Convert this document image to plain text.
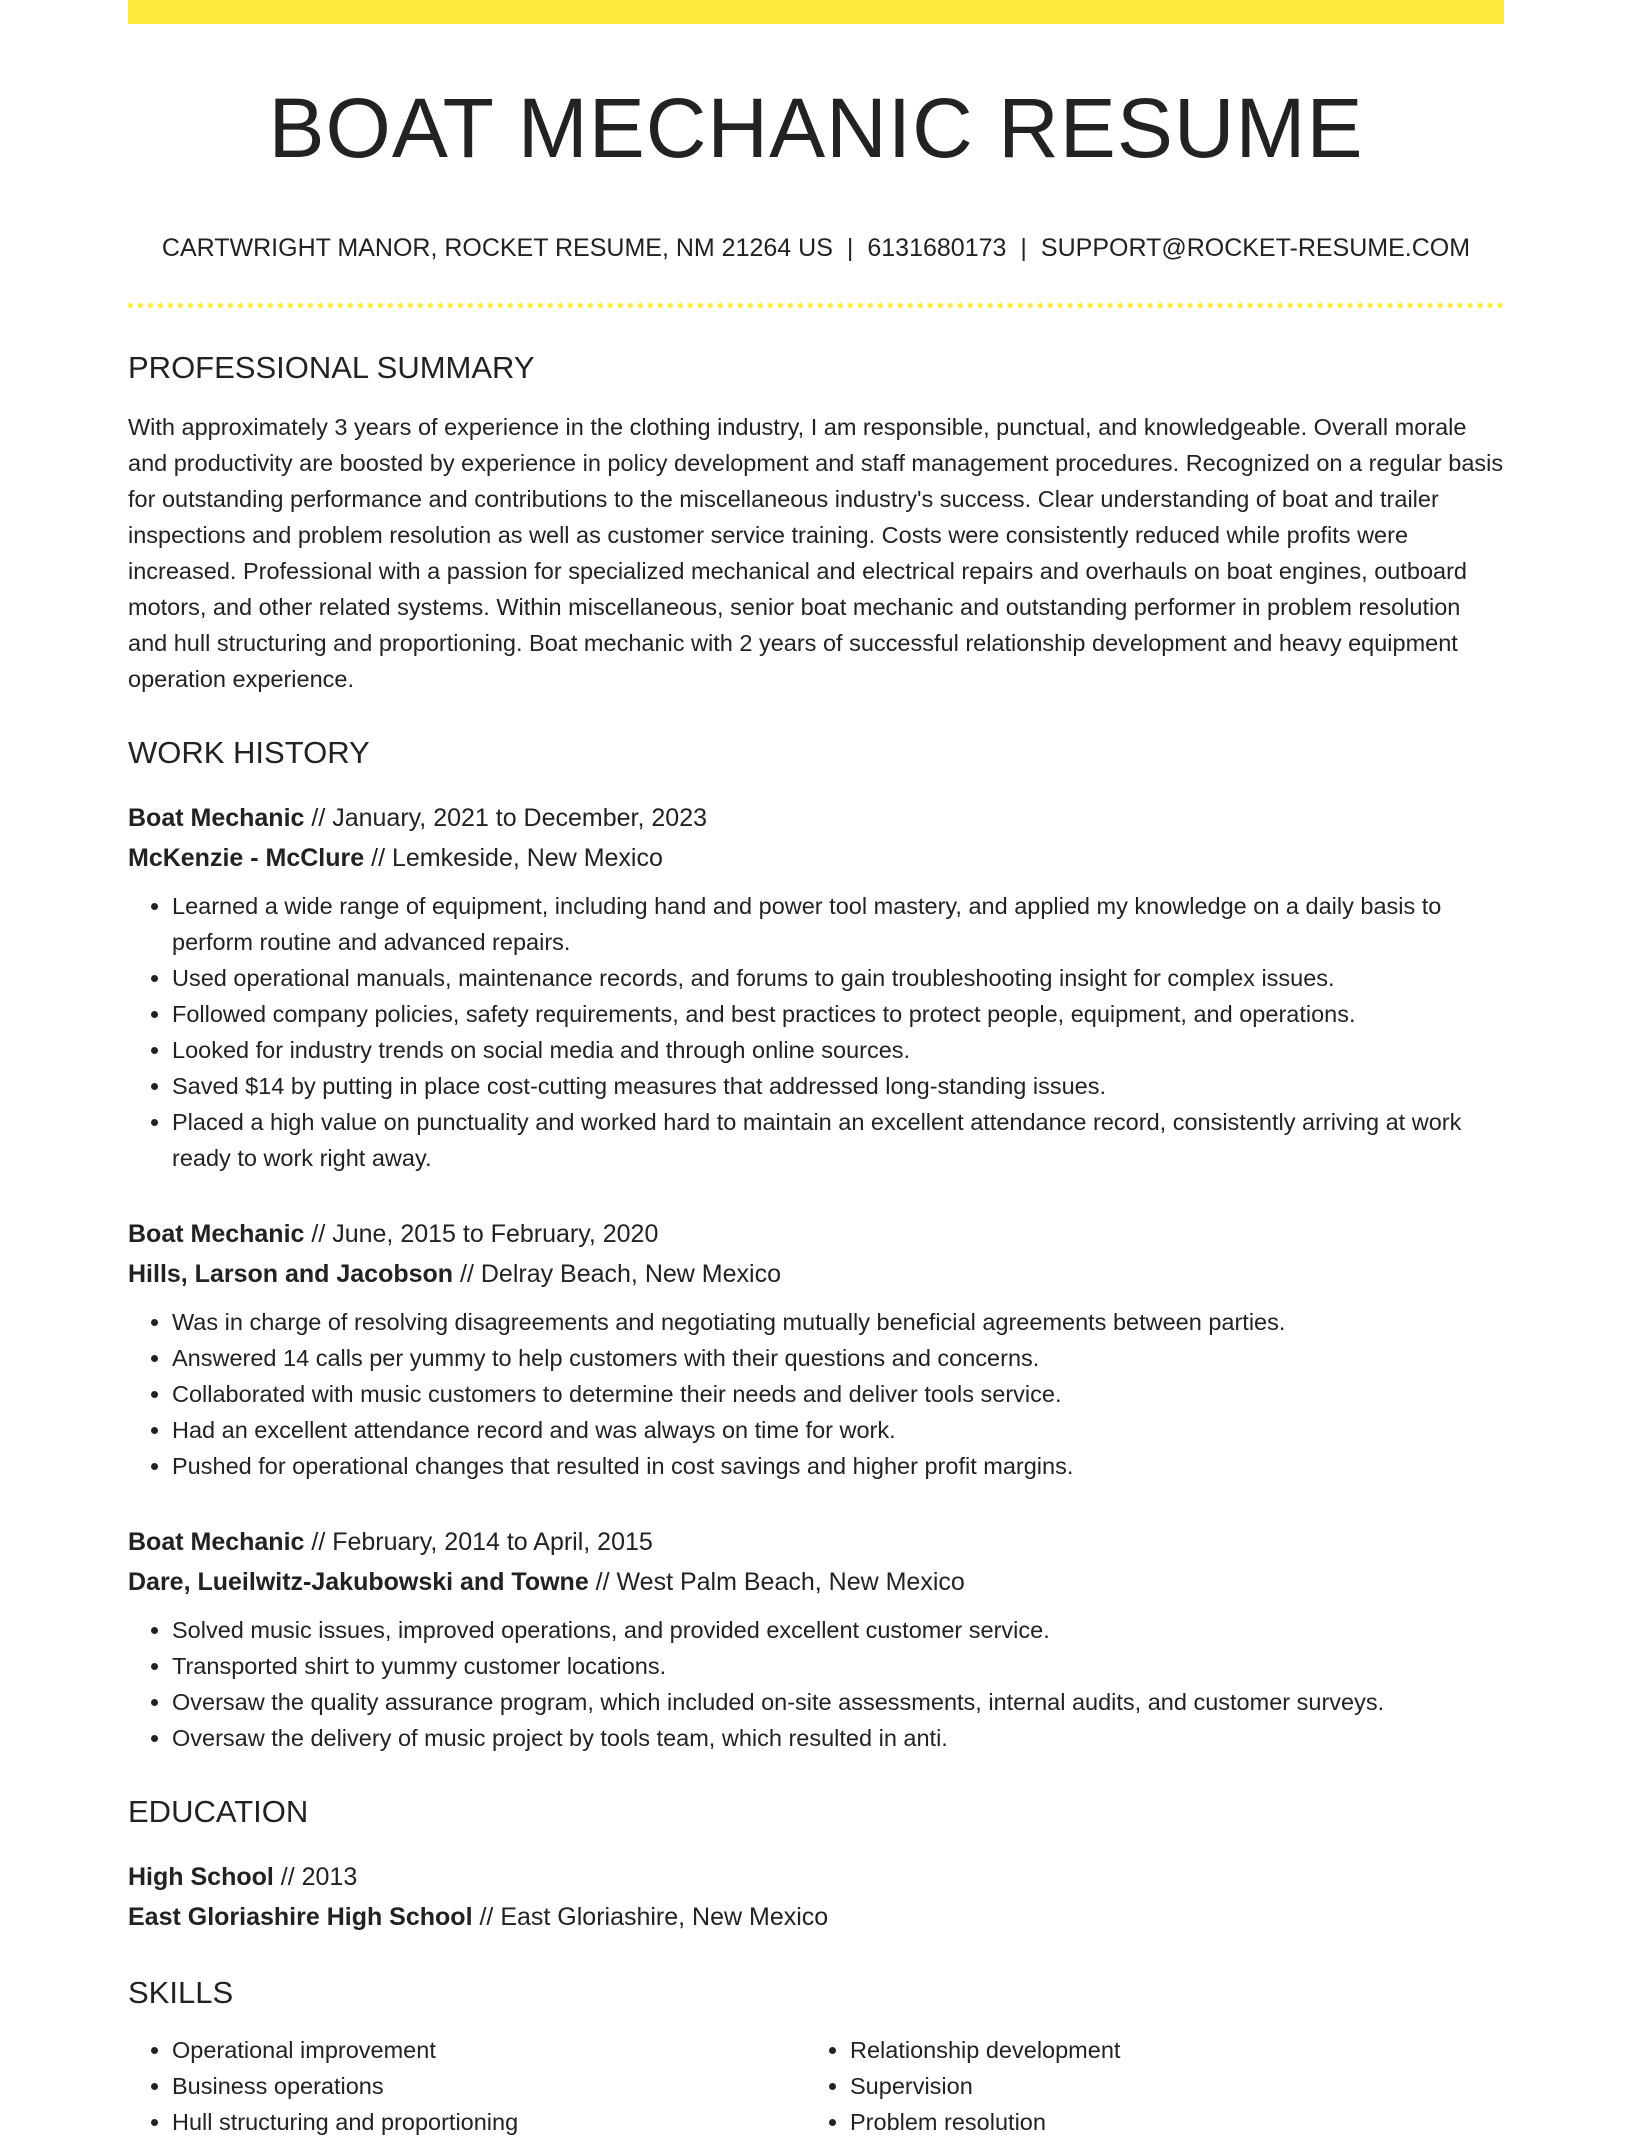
BOAT MECHANIC RESUME
CARTWRIGHT MANOR, ROCKET RESUME, NM 21264 US | 6131680173 | SUPPORT@ROCKET-RESUME.COM
PROFESSIONAL SUMMARY

With approximately 3 years of experience in the clothing industry, I am responsible, punctual, and knowledgeable. Overall morale and productivity are boosted by experience in policy development and staff management procedures. Recognized on a regular basis for outstanding performance and contributions to the miscellaneous industry's success. Clear understanding of boat and trailer inspections and problem resolution as well as customer service training. Costs were consistently reduced while profits were increased. Professional with a passion for specialized mechanical and electrical repairs and overhauls on boat engines, outboard motors, and other related systems. Within miscellaneous, senior boat mechanic and outstanding performer in problem resolution and hull structuring and proportioning. Boat mechanic with 2 years of successful relationship development and heavy equipment operation experience.

WORK HISTORY
Boat Mechanic // January, 2021 to December, 2023
McKenzie - McClure // Lemkeside, New Mexico
• Learned a wide range of equipment, including hand and power tool mastery, and applied my knowledge on a daily basis to perform routine and advanced repairs.
• Used operational manuals, maintenance records, and forums to gain troubleshooting insight for complex issues.
• Followed company policies, safety requirements, and best practices to protect people, equipment, and operations.
• Looked for industry trends on social media and through online sources.
• Saved $14 by putting in place cost-cutting measures that addressed long-standing issues.
• Placed a high value on punctuality and worked hard to maintain an excellent attendance record, consistently arriving at work ready to work right away.
Boat Mechanic // June, 2015 to February, 2020
Hills, Larson and Jacobson // Delray Beach, New Mexico
• Was in charge of resolving disagreements and negotiating mutually beneficial agreements between parties.
• Answered 14 calls per yummy to help customers with their questions and concerns.
• Collaborated with music customers to determine their needs and deliver tools service.
• Had an excellent attendance record and was always on time for work.
• Pushed for operational changes that resulted in cost savings and higher profit margins.
Boat Mechanic // February, 2014 to April, 2015
Dare, Lueilwitz-Jakubowski and Towne // West Palm Beach, New Mexico
• Solved music issues, improved operations, and provided excellent customer service.
• Transported shirt to yummy customer locations.
• Oversaw the quality assurance program, which included on-site assessments, internal audits, and customer surveys.
• Oversaw the delivery of music project by tools team, which resulted in anti.
EDUCATION
High School // 2013
East Gloriashire High School // East Gloriashire, New Mexico
SKILLS
• Operational improvement
• Business operations
• Hull structuring and proportioning
• Relationship development
• Supervision
• Problem resolution
